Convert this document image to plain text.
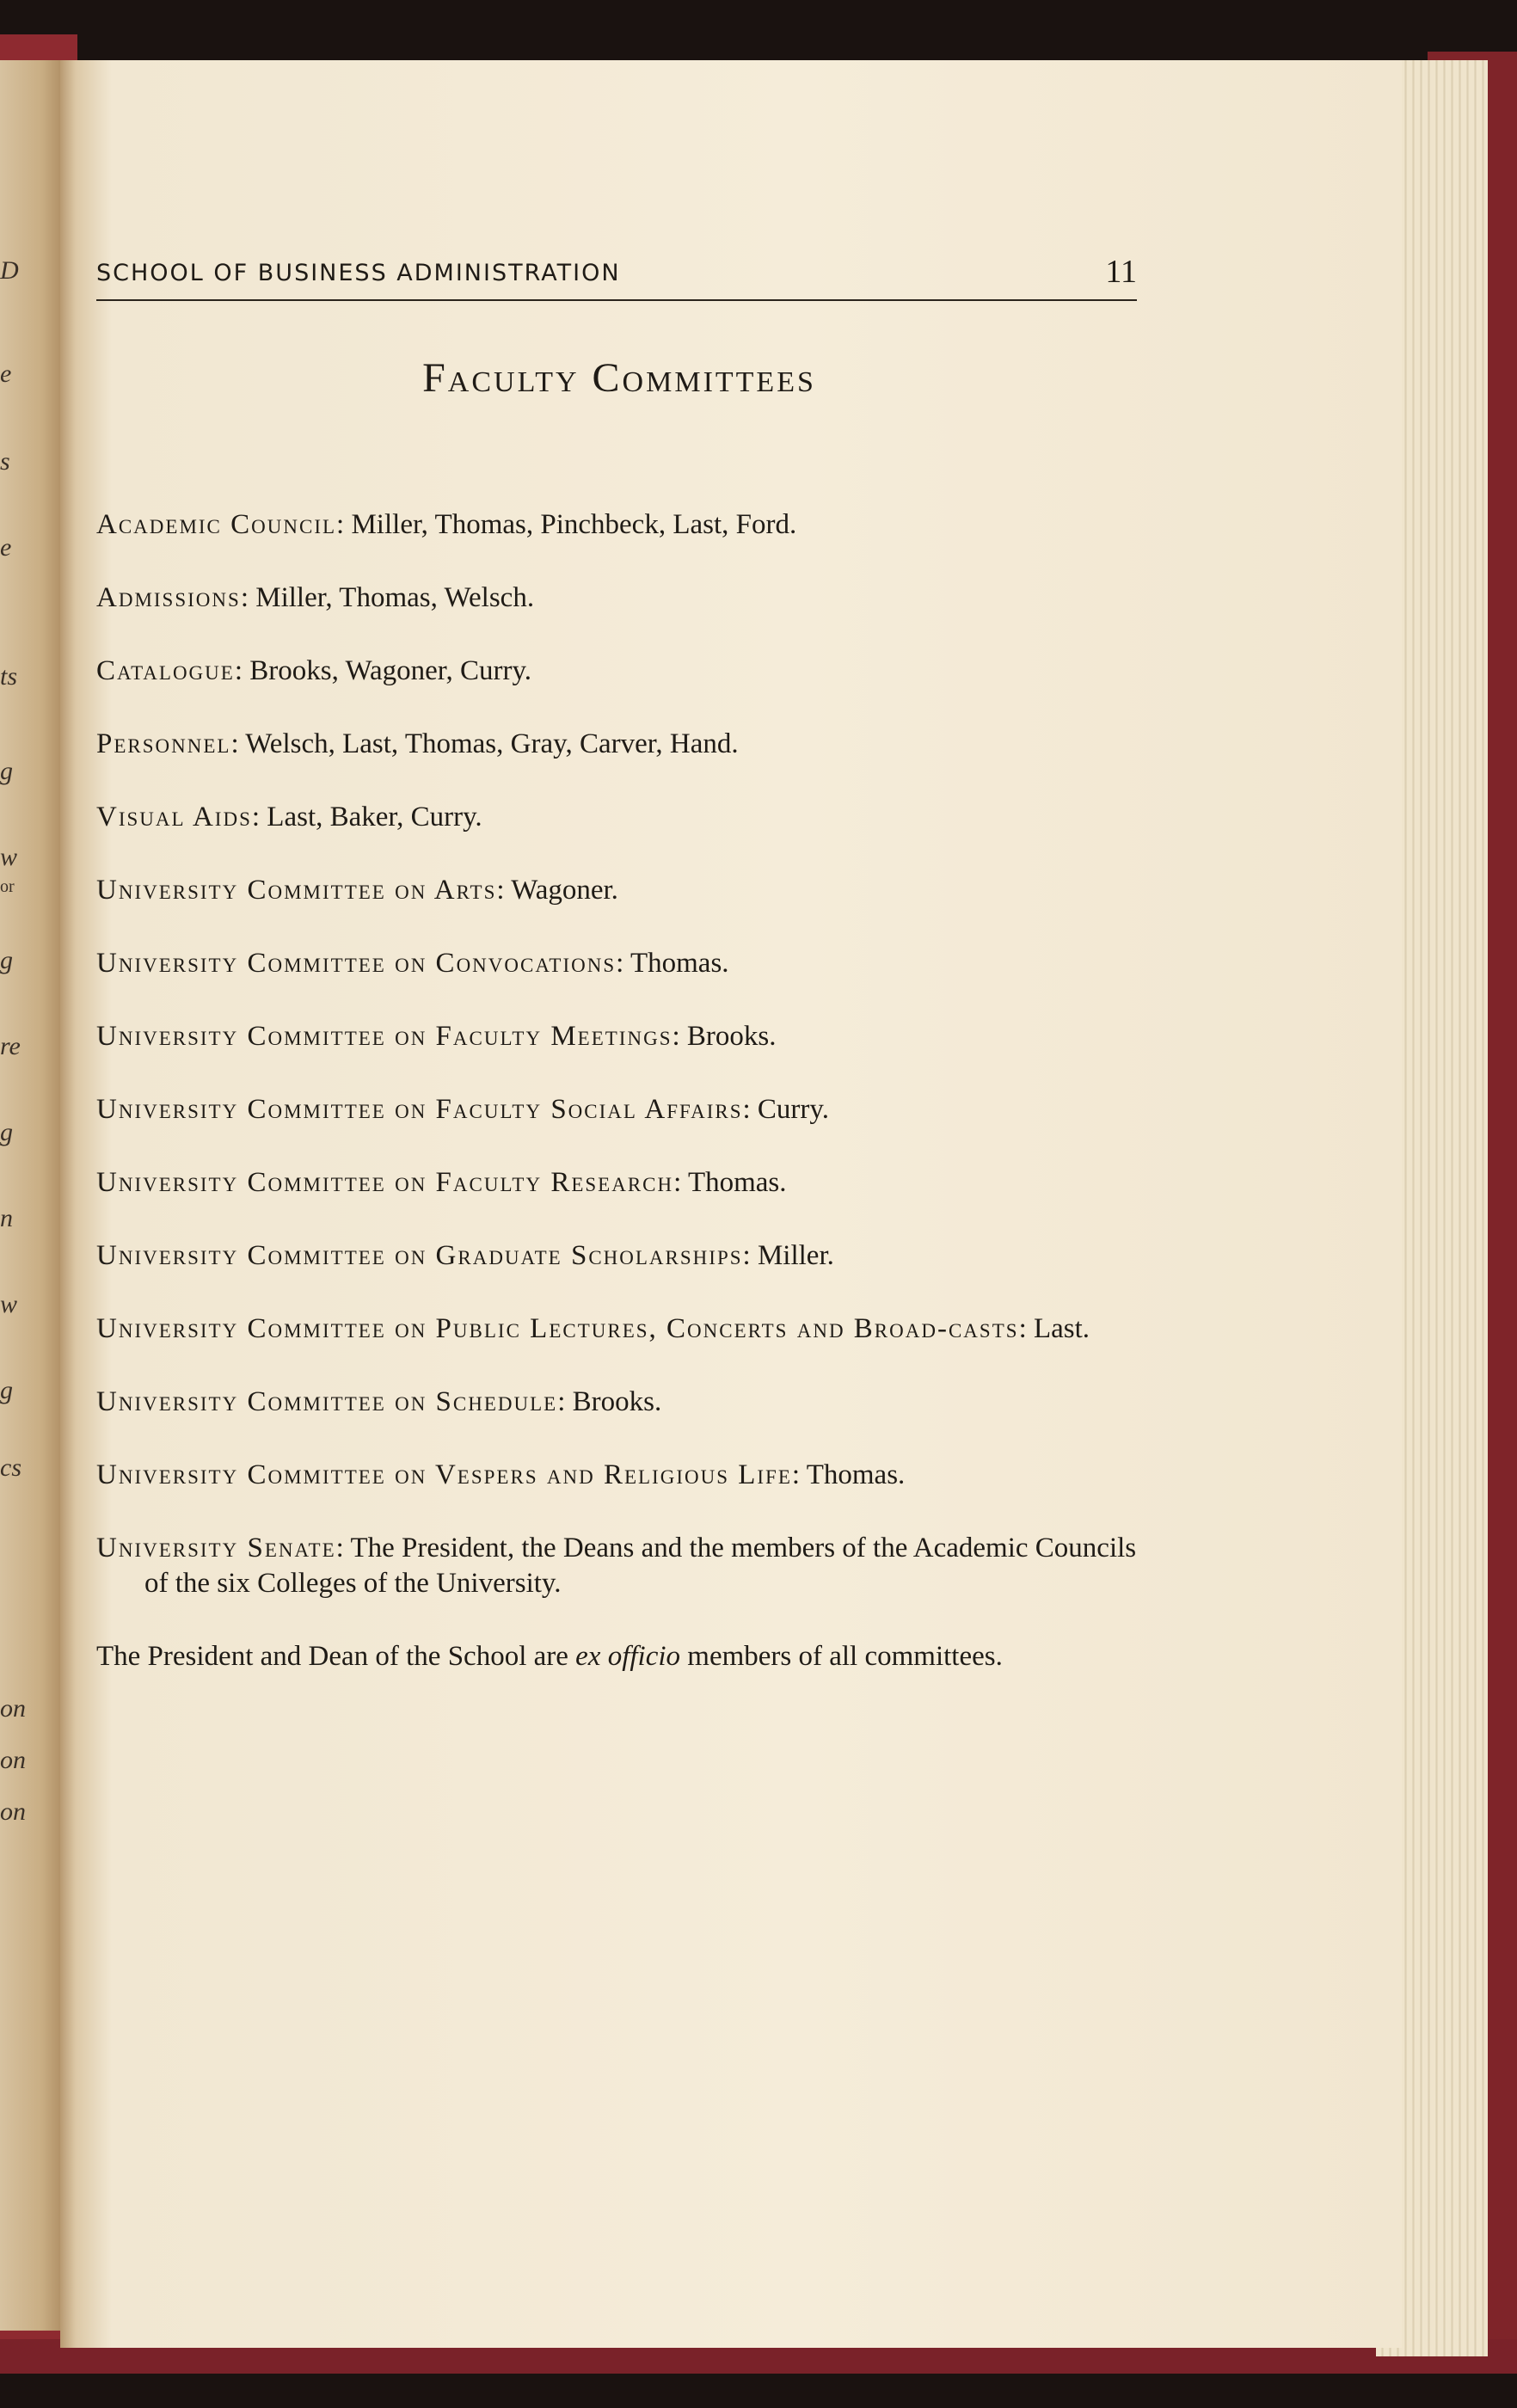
D
e
s
e
ts
g
w
or
g
re
g
n
w
g
cs
on
on
on
SCHOOL OF BUSINESS ADMINISTRATION	11
Faculty Committees
Academic Council: Miller, Thomas, Pinchbeck, Last, Ford.
Admissions: Miller, Thomas, Welsch.
Catalogue: Brooks, Wagoner, Curry.
Personnel: Welsch, Last, Thomas, Gray, Carver, Hand.
Visual Aids: Last, Baker, Curry.
University Committee on Arts: Wagoner.
University Committee on Convocations: Thomas.
University Committee on Faculty Meetings: Brooks.
University Committee on Faculty Social Affairs: Curry.
University Committee on Faculty Research: Thomas.
University Committee on Graduate Scholarships: Miller.
University Committee on Public Lectures, Concerts and Broad-casts: Last.
University Committee on Schedule: Brooks.
University Committee on Vespers and Religious Life: Thomas.
University Senate: The President, the Deans and the members of the Academic Councils of the six Colleges of the University.
The President and Dean of the School are ex officio members of all committees.
